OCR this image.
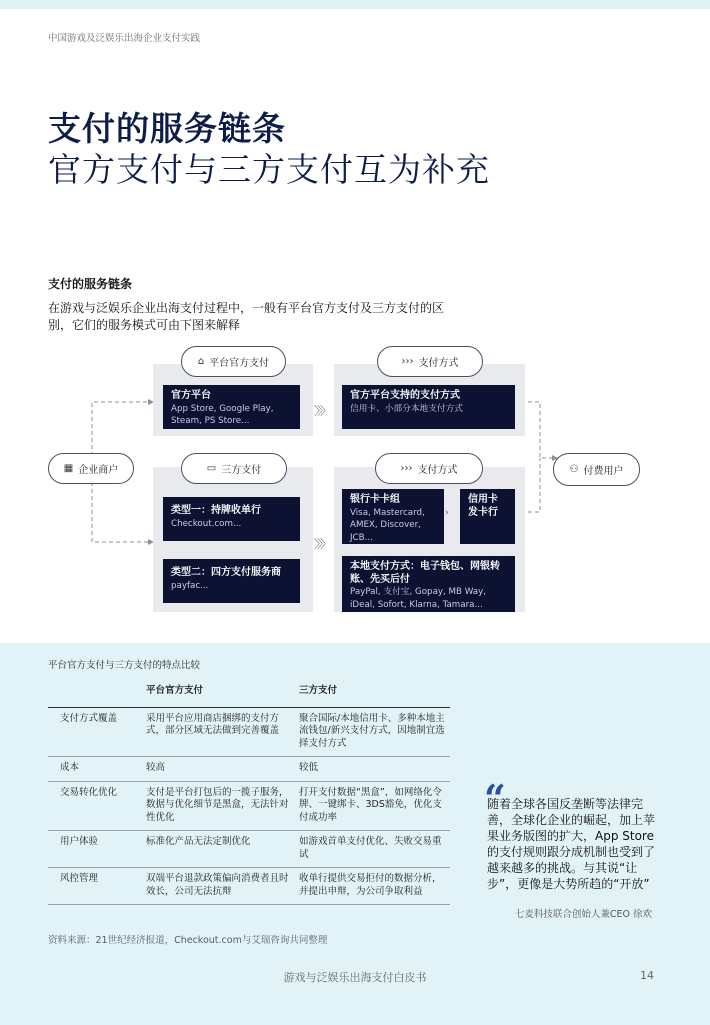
中国游戏及泛娱乐出海企业支付实践
支付的服务链条
官方支付与三方支付互为补充
支付的服务链条
在游戏与泛娱乐企业出海支付过程中，一般有平台官方支付及三方支付的区别，它们的服务模式可由下图来解释
▦ 企业商户
⌂ 平台官方支付
官方平台
App Store, Google Play, Steam, PS Store...
〉〉〉
››› 支付方式
官方平台支持的支付方式
信用卡、小部分本地支付方式
▭ 三方支付
类型一：持牌收单行
Checkout.com...
类型二：四方支付服务商
payfac...
〉〉〉
››› 支付方式
银行卡卡组
Visa, Mastercard, AMEX, Discover, JCB...
›
信用卡发卡行
本地支付方式：电子钱包、网银转账、先买后付
PayPal, 支付宝, Gopay, MB Way, iDeal, Sofort, Klarna, Tamara...
⚇ 付费用户
平台官方支付与三方支付的特点比较
	平台官方支付	三方支付
支付方式覆盖	采用平台应用商店捆绑的支付方式，部分区域无法做到完善覆盖	聚合国际/本地信用卡、多种本地主流钱包/新兴支付方式，因地制宜选择支付方式
成本	较高	较低
交易转化优化	支付是平台打包后的一揽子服务，数据与优化细节是黑盒，无法针对性优化	打开支付数据“黑盒”，如网络化令牌、一键绑卡、3DS豁免，优化支付成功率
用户体验	标准化产品无法定制优化	如游戏首单支付优化、失败交易重试
风控管理	双端平台退款政策偏向消费者且时效长，公司无法抗辩	收单行提供交易拒付的数据分析，并提出申辩，为公司争取利益
资料来源：21世纪经济报道，Checkout.com与艾瑞咨询共同整理
“
随着全球各国反垄断等法律完善，全球化企业的崛起，加上苹果业务版图的扩大，App Store的支付规则跟分成机制也受到了越来越多的挑战。与其说“让步”，更像是大势所趋的“开放”
七麦科技联合创始人兼CEO 徐欢
游戏与泛娱乐出海支付白皮书	14
